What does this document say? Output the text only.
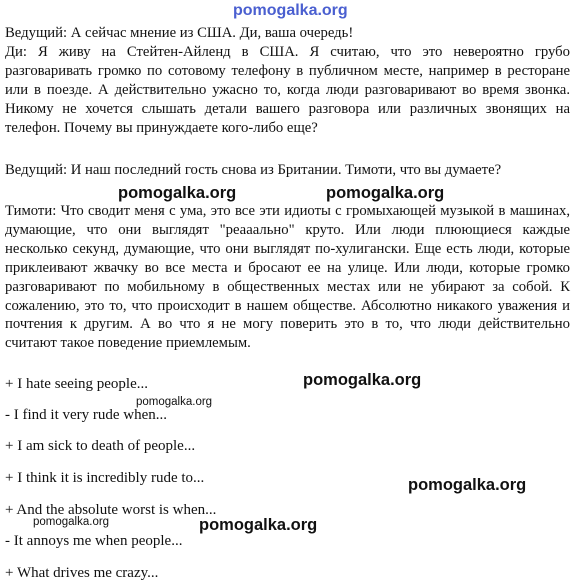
pomogalka.org

Ведущий: А сейчас мнение из США. Ди, ваша очередь!

Ди: Я живу на Стейтен-Айленд в США. Я считаю, что это невероятно грубо разговаривать громко по сотовому телефону в публичном месте, например в ресторане или в поезде. А действительно ужасно то, когда люди разговаривают во время звонка. Никому не хочется слышать детали вашего разговора или различных звонящих на телефон. Почему вы принуждаете кого-либо еще?

Ведущий: И наш последний гость снова из Британии. Тимоти, что вы думаете?

Тимоти: Что сводит меня с ума, это все эти идиоты с громыхающей музыкой в машинах, думающие, что они выглядят "реааальнo" круто. Или люди плюющиеся каждые несколько секунд, думающие, что они выглядят по-хулигански. Еще есть люди, которые приклеивают жвачку во все места и бросают ее на улице. Или люди, которые громко разговаривают по мобильному в общественных местах или не убирают за собой. К сожалению, это то, что происходит в нашем обществе. Абсолютно никакого уважения и почтения к другим. А во что я не могу поверить это в то, что люди действительно считают такое поведение приемлемым.

+ I hate seeing people...
- I find it very rude when...
+ I am sick to death of people...
+ I think it is incredibly rude to...
+ And the absolute worst is when...
- It annoys me when people...
+ What drives me crazy...
pomogalka.org	pomogalka.org
pomogalka.org
pomogalka.org
pomogalka.org
pomogalka.org	pomogalka.org
